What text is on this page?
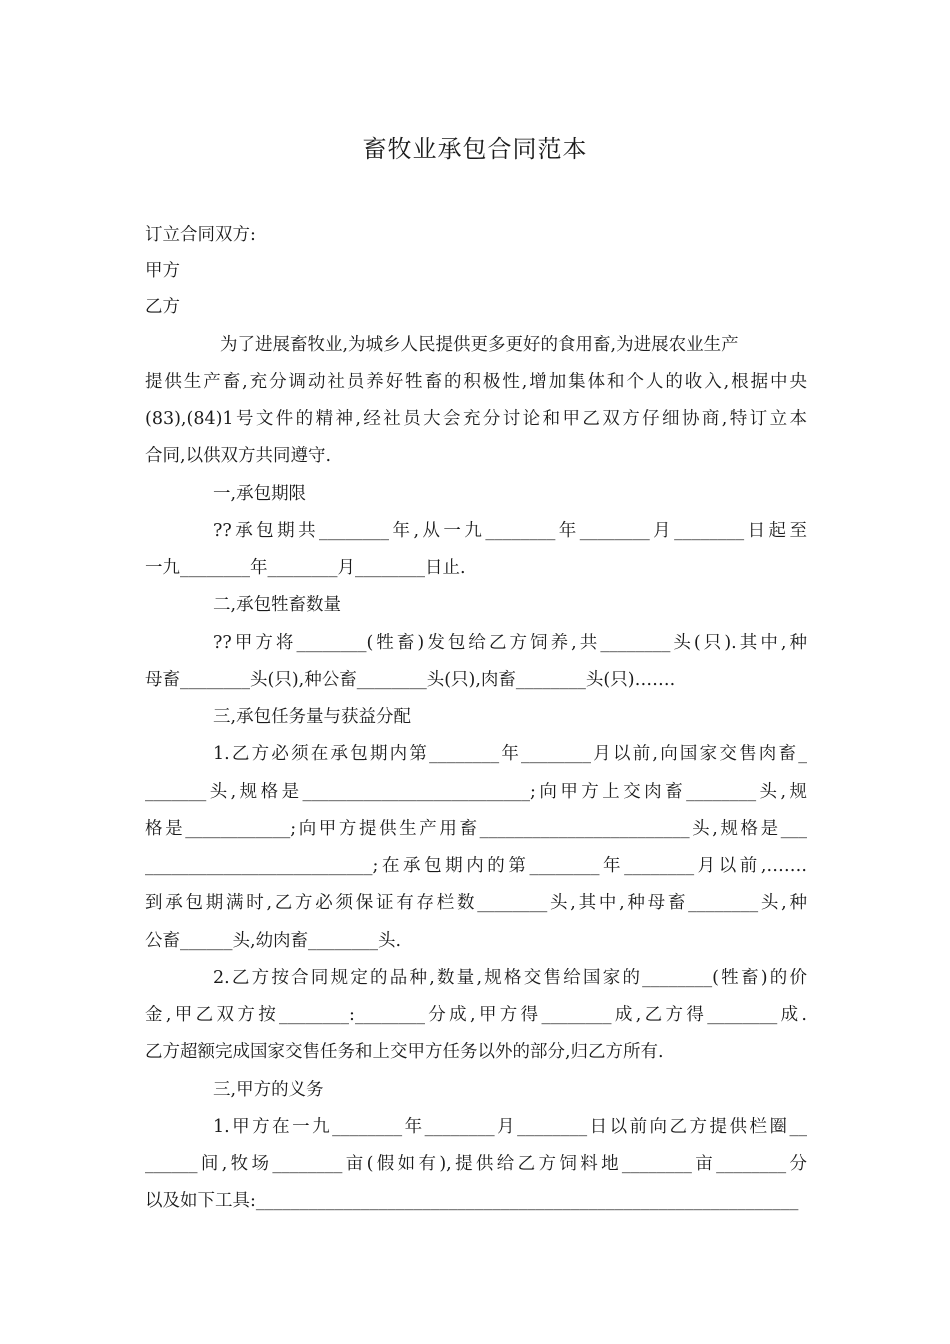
畜牧业承包合同范本
订立合同双方:
甲方
乙方
为了进展畜牧业,为城乡人民提供更多更好的食用畜,为进展农业生产
提供生产畜,充分调动社员养好牲畜的积极性,增加集体和个人的收入,根据中央
(83),(84)1号文件的精神,经社员大会充分讨论和甲乙双方仔细协商,特订立本
合同,以供双方共同遵守.
一,承包期限
??承包期共________年,从一九________年________月________日起至
一九________年________月________日止.
二,承包牲畜数量
??甲方将________(牲畜)发包给乙方饲养,共________头(只).其中,种
母畜________头(只),种公畜________头(只),肉畜________头(只)…….
三,承包任务量与获益分配
1.乙方必须在承包期内第________年________月以前,向国家交售肉畜_
_______头,规格是__________________________;向甲方上交肉畜________头,规
格是____________;向甲方提供生产用畜________________________头,规格是___
__________________________;在承包期内的第________年________月以前,…….
到承包期满时,乙方必须保证有存栏数________头,其中,种母畜________头,种
公畜______头,幼肉畜________头.
2.乙方按合同规定的品种,数量,规格交售给国家的________(牲畜)的价
金,甲乙双方按________:________分成,甲方得________成,乙方得________成.
乙方超额完成国家交售任务和上交甲方任务以外的部分,归乙方所有.
三,甲方的义务
1.甲方在一九________年________月________日以前向乙方提供栏圈__
______间,牧场________亩(假如有),提供给乙方饲料地________亩________分
以及如下工具:______________________________________________________________
